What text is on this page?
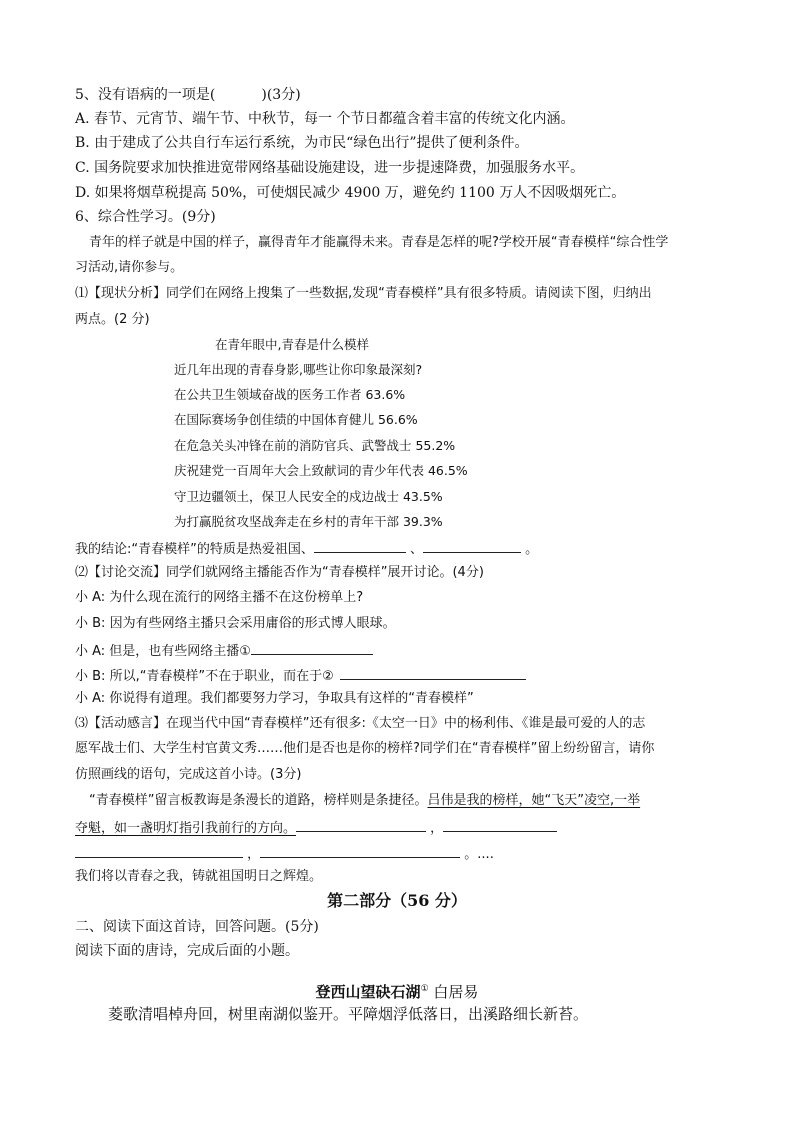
5、没有语病的一项是(	)(3分)
A. 春节、元宵节、端午节、中秋节，每一 个节日都蕴含着丰富的传统文化内涵。
B. 由于建成了公共自行车运行系统，为市民“绿色出行”提供了便利条件。
C. 国务院要求加快推进宽带网络基础设施建设，进一步提速降费，加强服务水平。
D. 如果将烟草税提高 50%，可使烟民减少 4900 万，避免约 1100 万人不因吸烟死亡。
6、综合性学习。(9分)
青年的样子就是中国的样子，赢得青年才能赢得未来。青春是怎样的呢?学校开展“青春模样“综合性学
习活动,请你参与。
⑴【现状分析】同学们在网络上搜集了一些数据,发现“青春模样”具有很多特质。请阅读下图，归纳出
两点。(2 分)
在青年眼中,青春是什么模样
近几年出现的青春身影,哪些让你印象最深刻?
在公共卫生领域奋战的医务工作者 63.6%
在国际赛场争创佳绩的中国体育健儿 56.6%
在危急关头冲锋在前的消防官兵、武警战士 55.2%
庆祝建党一百周年大会上致献词的青少年代表 46.5%
守卫边疆领土，保卫人民安全的戍边战士 43.5%
为打赢脱贫攻坚战奔走在乡村的青年干部 39.3%
我的结论:“青春模样”的特质是热爱祖国、	、	。
⑵【讨论交流】同学们就网络主播能否作为“青春模样”展开讨论。(4分)
小 A: 为什么现在流行的网络主播不在这份榜单上?
小 B: 因为有些网络主播只会采用庸俗的形式博人眼球。
小 A: 但是，也有些网络主播①
小 B: 所以,“青春模样”不在于职业，而在于②
小 A: 你说得有道理。我们都要努力学习，争取具有这样的“青春模样”
⑶【活动感言】在现当代中国“青春模样”还有很多:《太空一日》中的杨利伟、《谁是最可爱的人的志
愿军战士们、大学生村官黄文秀……他们是否也是你的榜样?同学们在“青春模样”留上纷纷留言，请你
仿照画线的语句，完成这首小诗。(3分)
“青春模样”留言板教诲是条漫长的道路，榜样则是条捷径。吕伟是我的榜样，她“飞天”凌空,一举
夺魁，如一盏明灯指引我前行的方向。	，
，	。....
我们将以青春之我，铸就祖国明日之辉煌。
第二部分（56 分）
二、阅读下面这首诗，回答问题。(5分)
阅读下面的唐诗，完成后面的小题。
登西山望砄石湖① 白居易
菱歌清唱棹舟回，树里南湖似鉴开。平障烟浮低落日，出溪路细长新苔。
